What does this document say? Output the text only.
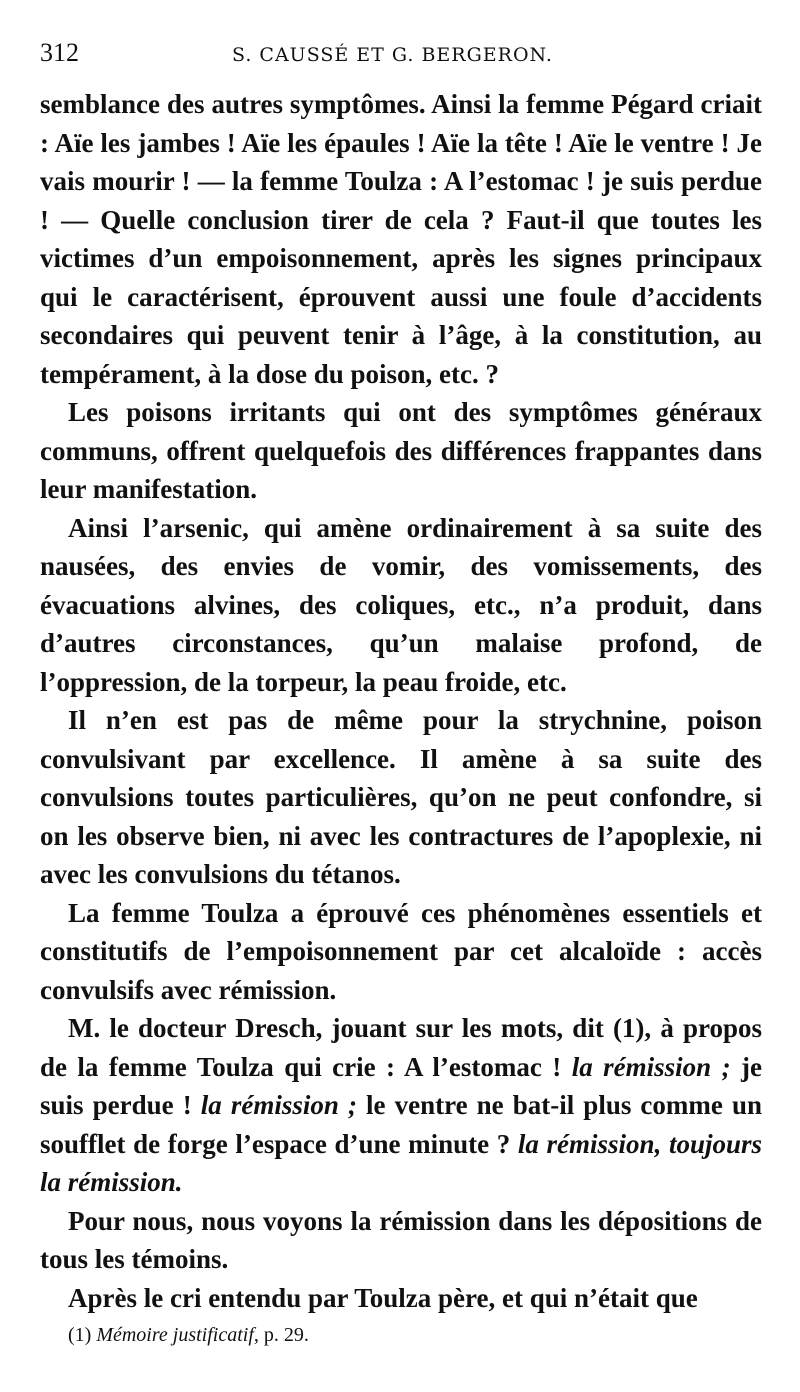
312	S. CAUSSÉ ET G. BERGERON.

semblance des autres symptômes. Ainsi la femme Pégard criait : Aïe les jambes ! Aïe les épaules ! Aïe la tête ! Aïe le ventre ! Je vais mourir ! — la femme Toulza : A l’estomac ! je suis perdue ! — Quelle conclusion tirer de cela ? Faut-il que toutes les victimes d’un empoisonnement, après les signes principaux qui le caractérisent, éprouvent aussi une foule d’accidents secondaires qui peuvent tenir à l’âge, à la constitution, au tempérament, à la dose du poison, etc. ?

Les poisons irritants qui ont des symptômes généraux communs, offrent quelquefois des différences frappantes dans leur manifestation.

Ainsi l’arsenic, qui amène ordinairement à sa suite des nausées, des envies de vomir, des vomissements, des évacuations alvines, des coliques, etc., n’a produit, dans d’autres circonstances, qu’un malaise profond, de l’oppression, de la torpeur, la peau froide, etc.

Il n’en est pas de même pour la strychnine, poison convulsivant par excellence. Il amène à sa suite des convulsions toutes particulières, qu’on ne peut confondre, si on les observe bien, ni avec les contractures de l’apoplexie, ni avec les convulsions du tétanos.

La femme Toulza a éprouvé ces phénomènes essentiels et constitutifs de l’empoisonnement par cet alcaloïde : accès convulsifs avec rémission.

M. le docteur Dresch, jouant sur les mots, dit (1), à propos de la femme Toulza qui crie : A l’estomac ! la rémission ; je suis perdue ! la rémission ; le ventre ne bat-il plus comme un soufflet de forge l’espace d’une minute ? la rémission, toujours la rémission.

Pour nous, nous voyons la rémission dans les dépositions de tous les témoins.

Après le cri entendu par Toulza père, et qui n’était que

(1) Mémoire justificatif, p. 29.
